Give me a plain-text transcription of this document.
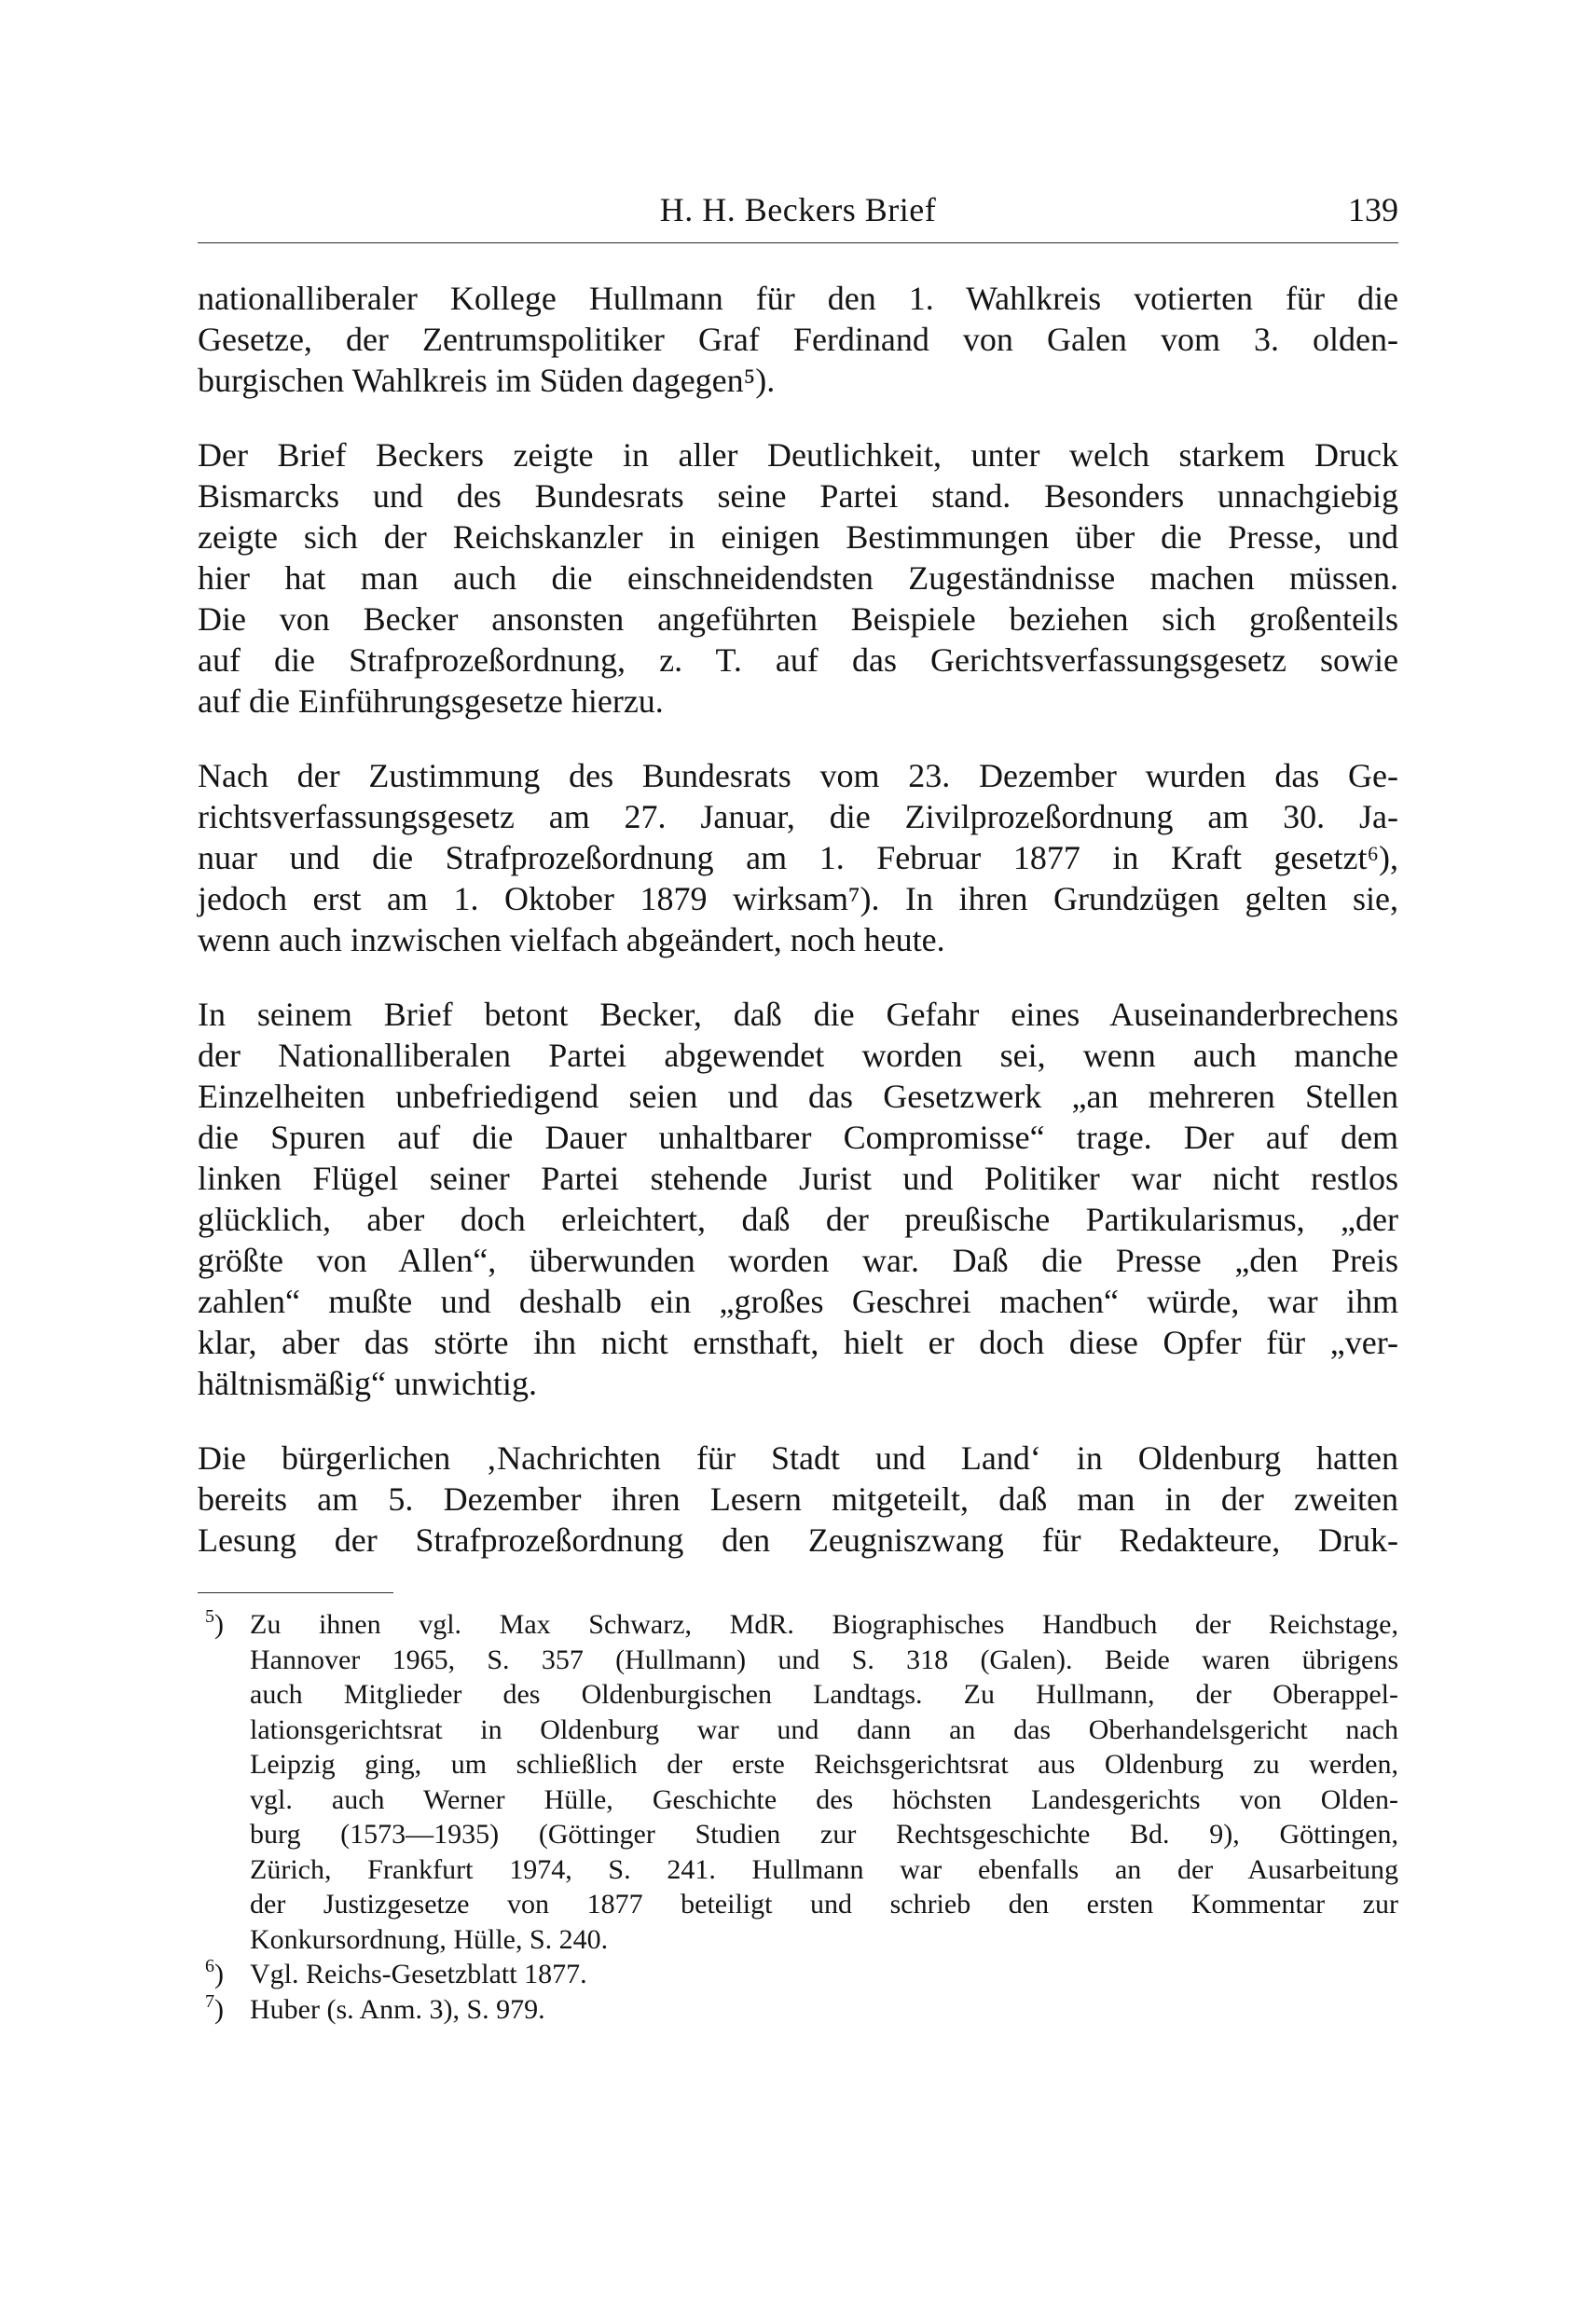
H. H. Beckers Brief	139
nationalliberaler Kollege Hullmann für den 1. Wahlkreis votierten für die
Gesetze, der Zentrumspolitiker Graf Ferdinand von Galen vom 3. olden-
burgischen Wahlkreis im Süden dagegen⁵).
Der Brief Beckers zeigte in aller Deutlichkeit, unter welch starkem Druck
Bismarcks und des Bundesrats seine Partei stand. Besonders unnachgiebig
zeigte sich der Reichskanzler in einigen Bestimmungen über die Presse, und
hier hat man auch die einschneidendsten Zugeständnisse machen müssen.
Die von Becker ansonsten angeführten Beispiele beziehen sich großenteils
auf die Strafprozeßordnung, z. T. auf das Gerichtsverfassungsgesetz sowie
auf die Einführungsgesetze hierzu.
Nach der Zustimmung des Bundesrats vom 23. Dezember wurden das Ge-
richtsverfassungsgesetz am 27. Januar, die Zivilprozeßordnung am 30. Ja-
nuar und die Strafprozeßordnung am 1. Februar 1877 in Kraft gesetzt⁶),
jedoch erst am 1. Oktober 1879 wirksam⁷). In ihren Grundzügen gelten sie,
wenn auch inzwischen vielfach abgeändert, noch heute.
In seinem Brief betont Becker, daß die Gefahr eines Auseinanderbrechens
der Nationalliberalen Partei abgewendet worden sei, wenn auch manche
Einzelheiten unbefriedigend seien und das Gesetzwerk „an mehreren Stellen
die Spuren auf die Dauer unhaltbarer Compromisse“ trage. Der auf dem
linken Flügel seiner Partei stehende Jurist und Politiker war nicht restlos
glücklich, aber doch erleichtert, daß der preußische Partikularismus, „der
größte von Allen“, überwunden worden war. Daß die Presse „den Preis
zahlen“ mußte und deshalb ein „großes Geschrei machen“ würde, war ihm
klar, aber das störte ihn nicht ernsthaft, hielt er doch diese Opfer für „ver-
hältnismäßig“ unwichtig.
Die bürgerlichen ‚Nachrichten für Stadt und Land‘ in Oldenburg hatten
bereits am 5. Dezember ihren Lesern mitgeteilt, daß man in der zweiten
Lesung der Strafprozeßordnung den Zeugniszwang für Redakteure, Druk-
$^5$) Zu ihnen vgl. Max Schwarz, MdR. Biographisches Handbuch der Reichstage,
Hannover 1965, S. 357 (Hullmann) und S. 318 (Galen). Beide waren übrigens
auch Mitglieder des Oldenburgischen Landtags. Zu Hullmann, der Oberappel-
lationsgerichtsrat in Oldenburg war und dann an das Oberhandelsgericht nach
Leipzig ging, um schließlich der erste Reichsgerichtsrat aus Oldenburg zu werden,
vgl. auch Werner Hülle, Geschichte des höchsten Landesgerichts von Olden-
burg (1573—1935) (Göttinger Studien zur Rechtsgeschichte Bd. 9), Göttingen,
Zürich, Frankfurt 1974, S. 241. Hullmann war ebenfalls an der Ausarbeitung
der Justizgesetze von 1877 beteiligt und schrieb den ersten Kommentar zur
Konkursordnung, Hülle, S. 240.
$^6$) Vgl. Reichs-Gesetzblatt 1877.
$^7$) Huber (s. Anm. 3), S. 979.
